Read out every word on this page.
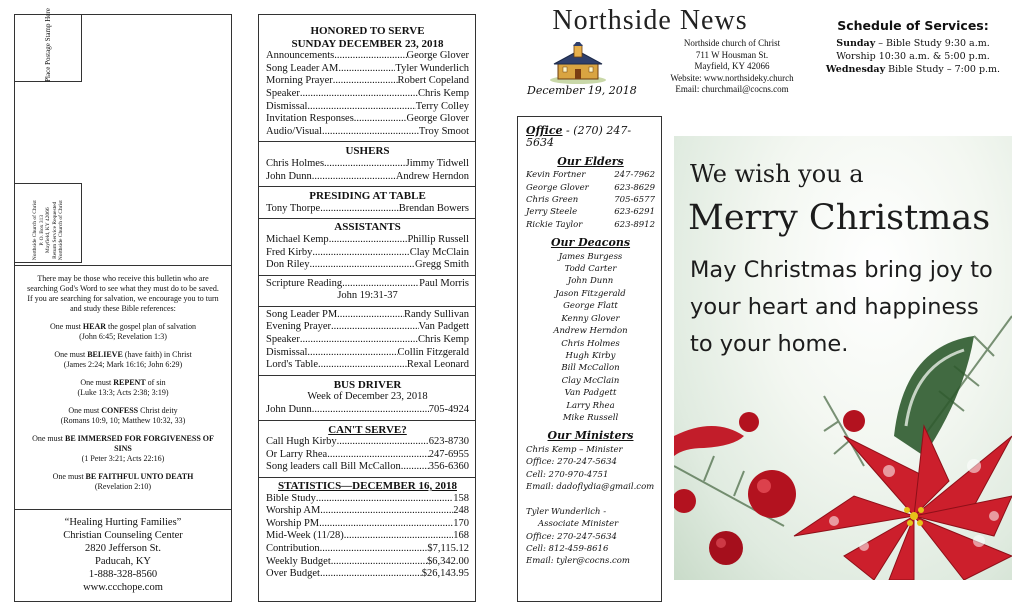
Place Postage Stamp Here
Northside Church of Christ P. O. Box 313 Mayfield, KY 42066 Return Service Requested Northside Church of Christ
There may be those who receive this bulletin who are searching God's Word to see what they must do to be saved. If you are searching for salvation, we encourage you to turn and study these Bible references:
One must HEAR the gospel plan of salvation
(John 6:45; Revelation 1:3)
One must BELIEVE (have faith) in Christ
(James 2:24; Mark 16:16; John 6:29)
One must REPENT of sin
(Luke 13:3; Acts 2:38; 3:19)
One must CONFESS Christ deity
(Romans 10:9, 10; Matthew 10:32, 33)
One must BE IMMERSED FOR FORGIVENESS OF SINS
(1 Peter 3:21; Acts 22:16)
One must BE FAITHFUL UNTO DEATH
(Revelation 2:10)
“Healing Hurting Families”
Christian Counseling Center
2820 Jefferson St.
Paducah, KY
1-888-328-8560
www.ccchope.com
HONORED TO SERVE
SUNDAY DECEMBER 23, 2018
Announcements .....	George Glover
Song Leader AM .....	Tyler Wunderlich
Morning Prayer .....	Robert Copeland
Speaker .....	Chris Kemp
Dismissal .....	Terry Colley
Invitation Responses .....	George Glover
Audio/Visual .....	Troy Smoot
USHERS
Chris Holmes .....	Jimmy Tidwell
John Dunn .....	Andrew Herndon
PRESIDING AT TABLE
Tony Thorpe .....	Brendan Bowers
ASSISTANTS
Michael Kemp .....	Phillip Russell
Fred Kirby .....	Clay McClain
Don Riley .....	Gregg Smith
Scripture Reading .....	Paul Morris
John 19:31-37
Song Leader PM .....	Randy Sullivan
Evening Prayer .....	Van Padgett
Speaker .....	Chris Kemp
Dismissal .....	Collin Fitzgerald
Lord's Table .....	Rexal Leonard
BUS DRIVER
Week of December 23, 2018
John Dunn .....	705-4924
CAN'T SERVE?
Call Hugh Kirby .....	623-8730
Or Larry Rhea .....	247-6955
Song leaders call Bill McCallon .....	356-6360
STATISTICS—DECEMBER 16, 2018
Bible Study .....	158
Worship AM .....	248
Worship PM .....	170
Mid-Week (11/28) .....	168
Contribution .....	$7,115.12
Weekly Budget .....	$6,342.00
Over Budget .....	$26,143.95
Northside News
December 19, 2018
Northside church of Christ
711 W Housman St.
Mayfield, KY 42066
Website: www.northsideky.church
Email: churchmail@cocns.com
Schedule of Services:
Sunday – Bible Study 9:30 a.m.
Worship 10:30 a.m. & 5:00 p.m.
Wednesday Bible Study – 7:00 p.m.
Office - (270) 247-5634
Our Elders
Kevin Fortner	247-7962
George Glover	623-8629
Chris Green	705-6577
Jerry Steele	623-6291
Rickie Taylor	623-8912
Our Deacons
James Burgess
Todd Carter
John Dunn
Jason Fitzgerald
George Flatt
Kenny Glover
Andrew Herndon
Chris Holmes
Hugh Kirby
Bill McCallon
Clay McClain
Van Padgett
Larry Rhea
Mike Russell
Our Ministers
Chris Kemp – Minister
Office: 270-247-5634
Cell: 270-970-4751
Email: dadoflydia@gmail.com

Tyler Wunderlich -
Associate Minister
Office: 270-247-5634
Cell: 812-459-8616
Email: tyler@cocns.com
We wish you a
Merry Christmas
May Christmas bring joy to your heart and happiness to your home.
